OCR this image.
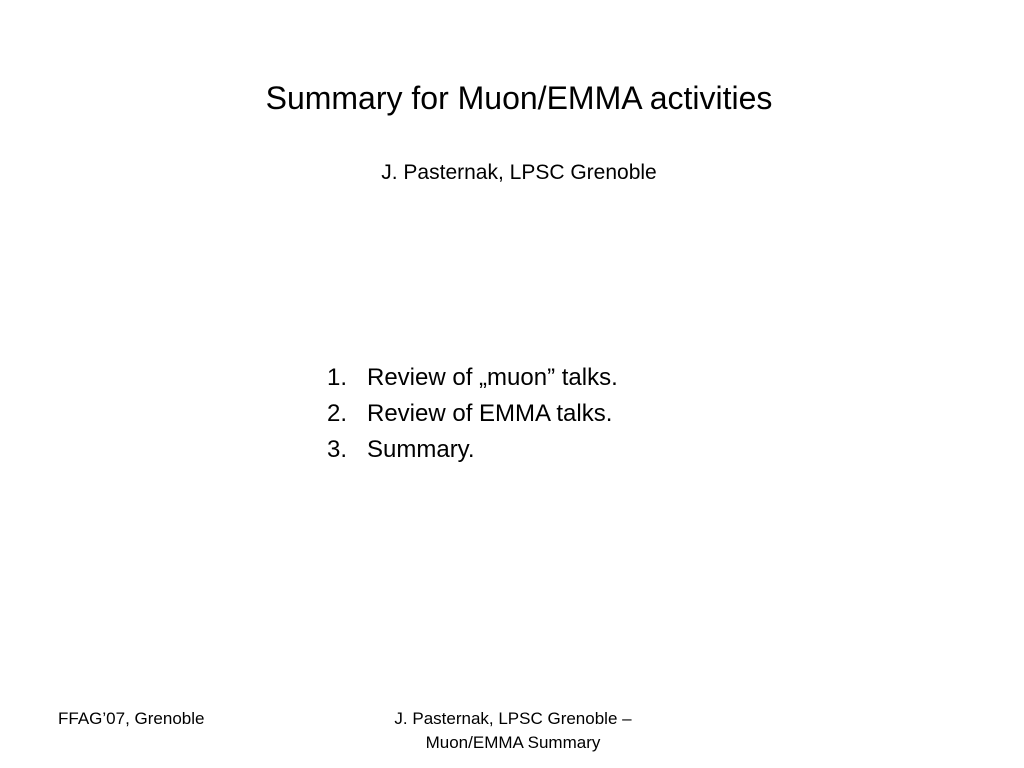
Summary for Muon/EMMA activities
J. Pasternak, LPSC Grenoble
1. Review of „muon” talks.
2. Review of EMMA talks.
3. Summary.
FFAG’07, Grenoble	J. Pasternak, LPSC Grenoble –
Muon/EMMA Summary
